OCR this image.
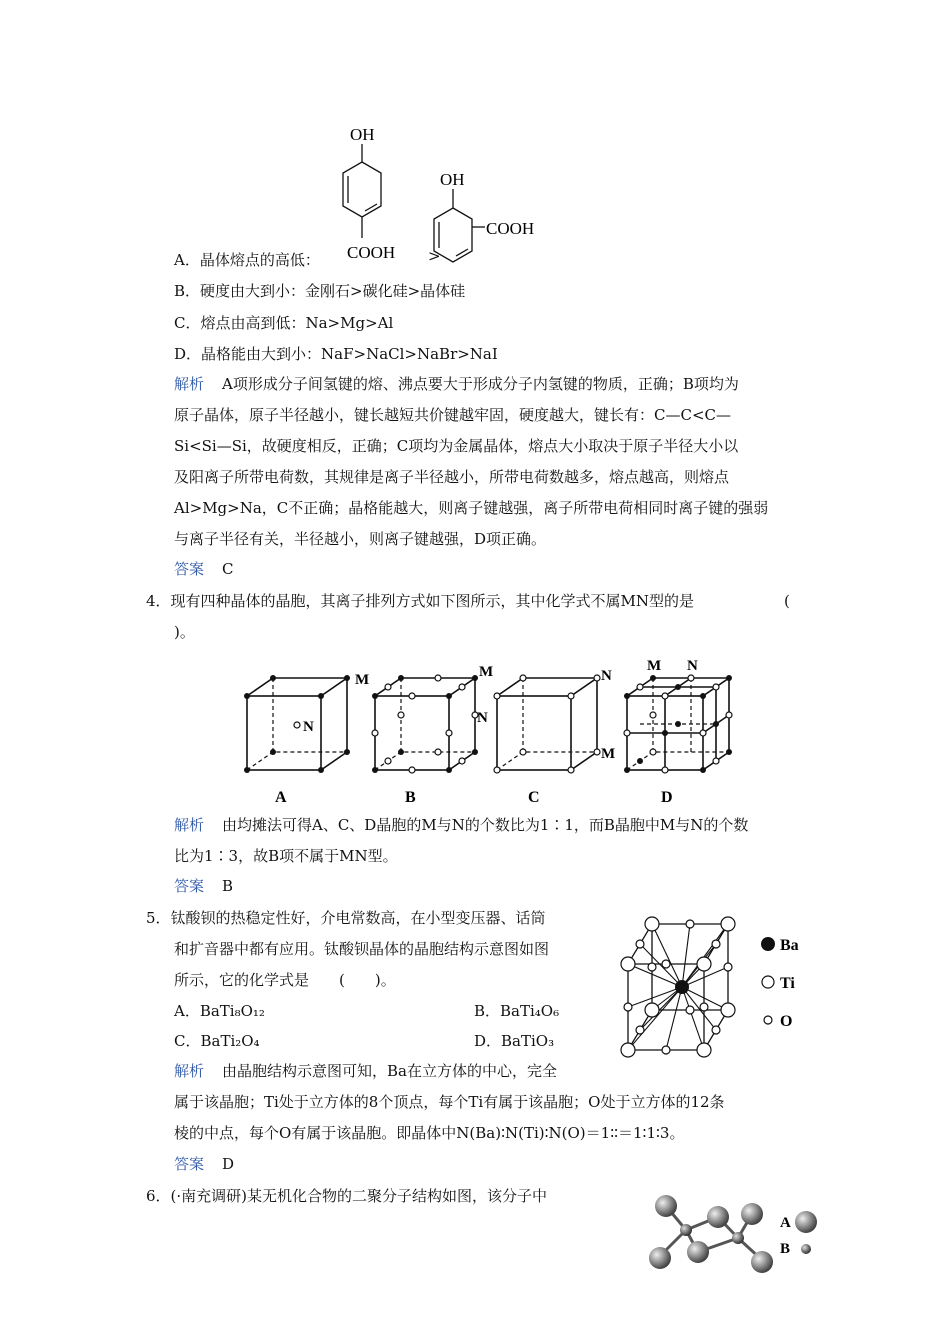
OH
COOH >
OH
COOH
A．晶体熔点的高低：
B．硬度由大到小：金刚石>碳化硅>晶体硅
C．熔点由高到低：Na>Mg>Al
D．晶格能由大到小：NaF>NaCl>NaBr>NaI
解析 A项形成分子间氢键的熔、沸点要大于形成分子内氢键的物质，正确；B项均为
原子晶体，原子半径越小，键长越短共价键越牢固，硬度越大，键长有：C—C<C—
Si<Si—Si，故硬度相反，正确；C项均为金属晶体，熔点大小取决于原子半径大小以
及阳离子所带电荷数，其规律是离子半径越小，所带电荷数越多，熔点越高，则熔点
Al>Mg>Na，C不正确；晶格能越大，则离子键越强，离子所带电荷相同时离子键的强弱
与离子半径有关，半径越小，则离子键越强，D项正确。
答案 C
4．现有四种晶体的晶胞，其离子排列方式如下图所示，其中化学式不属MN型的是	(
)。
N
M
A
M
N
B
N
M
C
M N
D
解析 由均摊法可得A、C、D晶胞的M与N的个数比为1∶1，而B晶胞中M与N的个数
比为1∶3，故B项不属于MN型。
答案 B
5．钛酸钡的热稳定性好，介电常数高，在小型变压器、话筒
和扩音器中都有应用。钛酸钡晶体的晶胞结构示意图如图
所示，它的化学式是　　(　　)。
A．BaTi₈O₁₂	B．BaTi₄O₆
C．BaTi₂O₄	D．BaTiO₃
Ba
Ti
O
解析 由晶胞结构示意图可知，Ba在立方体的中心，完全
属于该晶胞；Ti处于立方体的8个顶点，每个Ti有属于该晶胞；O处于立方体的12条
棱的中点，每个O有属于该晶胞。即晶体中N(Ba)∶N(Ti)∶N(O)＝1∶∶＝1∶1∶3。
答案 D
6．(·南充调研)某无机化合物的二聚分子结构如图，该分子中
A
B
